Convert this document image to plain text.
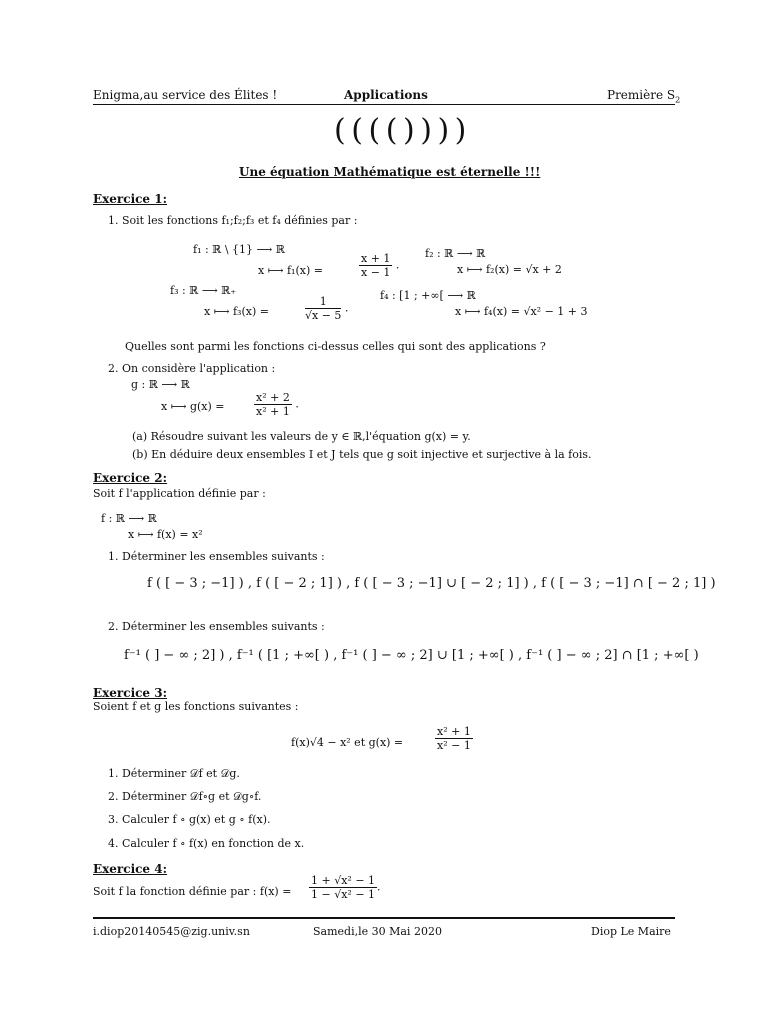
Enigma,au service des Élites !	Applications	Première $S_2$
( ( ( ( ) ) ) )
Une équation Mathématique est éternelle !!!
Exercice 1:
1. Soit les fonctions f₁;f₂;f₃ et f₄ définies par :
f₁ : ℝ \ {1} ⟶ ℝ
x ⟼ f₁(x) =	$\frac{x + 1}{x - 1}$ .
f₂ : ℝ ⟶ ℝ
x ⟼ f₂(x) = √x + 2
f₃ : ℝ ⟶ ℝ₊
x ⟼ f₃(x) =	$\frac{1}{√x - 5}$ .
f₄ : [1 ; +∞[ ⟶ ℝ
x ⟼ f₄(x) = √x² − 1 + 3
Quelles sont parmi les fonctions ci-dessus celles qui sont des applications ?
2. On considère l'application :
g : ℝ ⟶ ℝ
x ⟼ g(x) =	$\frac{\text{x² + 2}}{\text{x² + 1}}$ .
(a) Résoudre suivant les valeurs de y ∈ ℝ,l'équation g(x) = y.
(b) En déduire deux ensembles I et J tels que g soit injective et surjective à la fois.
Exercice 2:
Soit f l'application définie par :
f : ℝ ⟶ ℝ
x ⟼ f(x) = x²
1. Déterminer les ensembles suivants :
f ( [ − 3 ; −1] ) , f ( [ − 2 ; 1] ) , f ( [ − 3 ; −1] ∪ [ − 2 ; 1] ) , f ( [ − 3 ; −1] ∩ [ − 2 ; 1] )
2. Déterminer les ensembles suivants :
f⁻¹ ( ] − ∞ ; 2] ) , f⁻¹ ( [1 ; +∞[ ) , f⁻¹ ( ] − ∞ ; 2] ∪ [1 ; +∞[ ) , f⁻¹ ( ] − ∞ ; 2] ∩ [1 ; +∞[ )
Exercice 3:
Soient f et g les fonctions suivantes :
f(x)√4 − x² et g(x) =	$\frac{\text{x² + 1}}{\text{x² − 1}}$
1. Déterminer 𝒟f et 𝒟g.
2. Déterminer 𝒟f∘g et 𝒟g∘f.
3. Calculer f ∘ g(x) et g ∘ f(x).
4. Calculer f ∘ f(x) en fonction de x.
Exercice 4:
Soit f la fonction définie par : $f(x) = \frac{\text{1 + √x² − 1}}{\text{1 − √x² − 1}}$ .
i.diop20140545@zig.univ.sn	Samedi,le 30 Mai 2020	Diop Le Maire
